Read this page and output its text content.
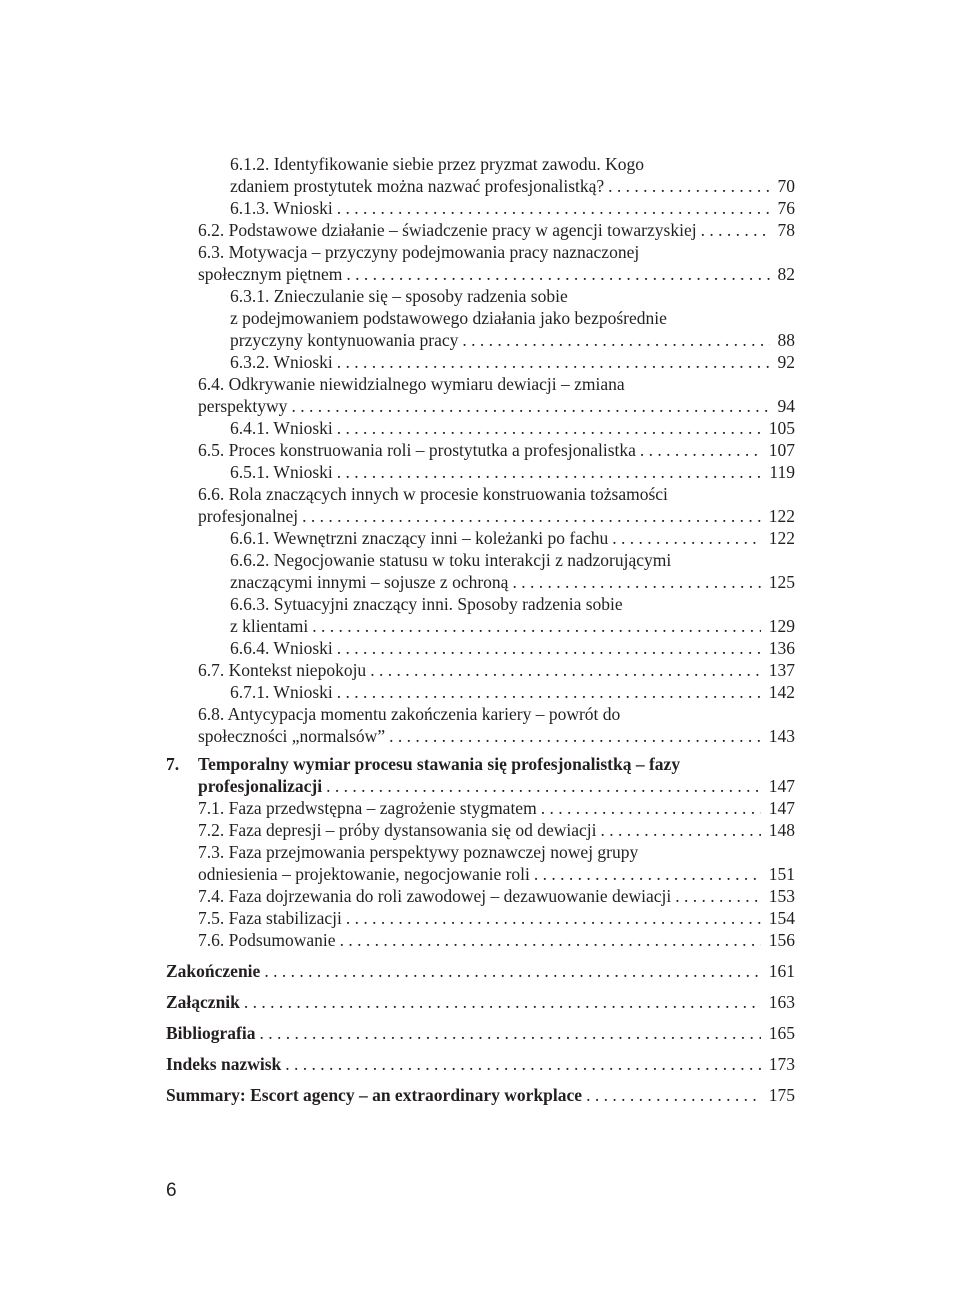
6.1.2. Identyfikowanie siebie przez pryzmat zawodu. Kogo
zdaniem prostytutek można nazwać profesjonalistką? . . .	70
6.1.3. Wnioski . . .	76
6.2. Podstawowe działanie – świadczenie pracy w agencji towarzyskiej . . .	78
6.3. Motywacja – przyczyny podejmowania pracy naznaczonej
społecznym piętnem . . .	82
6.3.1. Znieczulanie się – sposoby radzenia sobie
z podejmowaniem podstawowego działania jako bezpośrednie
przyczyny kontynuowania pracy . . .	88
6.3.2. Wnioski . . .	92
6.4. Odkrywanie niewidzialnego wymiaru dewiacji – zmiana
perspektywy . . .	94
6.4.1. Wnioski . . .	105
6.5. Proces konstruowania roli – prostytutka a profesjonalistka . . .	107
6.5.1. Wnioski . . .	119
6.6. Rola znaczących innych w procesie konstruowania tożsamości
profesjonalnej . . .	122
6.6.1. Wewnętrzni znaczący inni – koleżanki po fachu . . .	122
6.6.2. Negocjowanie statusu w toku interakcji z nadzorującymi
znaczącymi innymi – sojusze z ochroną . . .	125
6.6.3. Sytuacyjni znaczący inni. Sposoby radzenia sobie
z klientami . . .	129
6.6.4. Wnioski . . .	136
6.7. Kontekst niepokoju . . .	137
6.7.1. Wnioski . . .	142
6.8. Antycypacja momentu zakończenia kariery – powrót do
społeczności „normalsów” . . .	143
7. Temporalny wymiar procesu stawania się profesjonalistką – fazy
profesjonalizacji . . .	147
7.1. Faza przedwstępna – zagrożenie stygmatem . . .	147
7.2. Faza depresji – próby dystansowania się od dewiacji . . .	148
7.3. Faza przejmowania perspektywy poznawczej nowej grupy
odniesienia – projektowanie, negocjowanie roli . . .	151
7.4. Faza dojrzewania do roli zawodowej – dezawuowanie dewiacji . . .	153
7.5. Faza stabilizacji . . .	154
7.6. Podsumowanie . . .	156
Zakończenie . . .	161
Załącznik . . .	163
Bibliografia . . .	165
Indeks nazwisk . . .	173
Summary: Escort agency – an extraordinary workplace . . .	175
6
